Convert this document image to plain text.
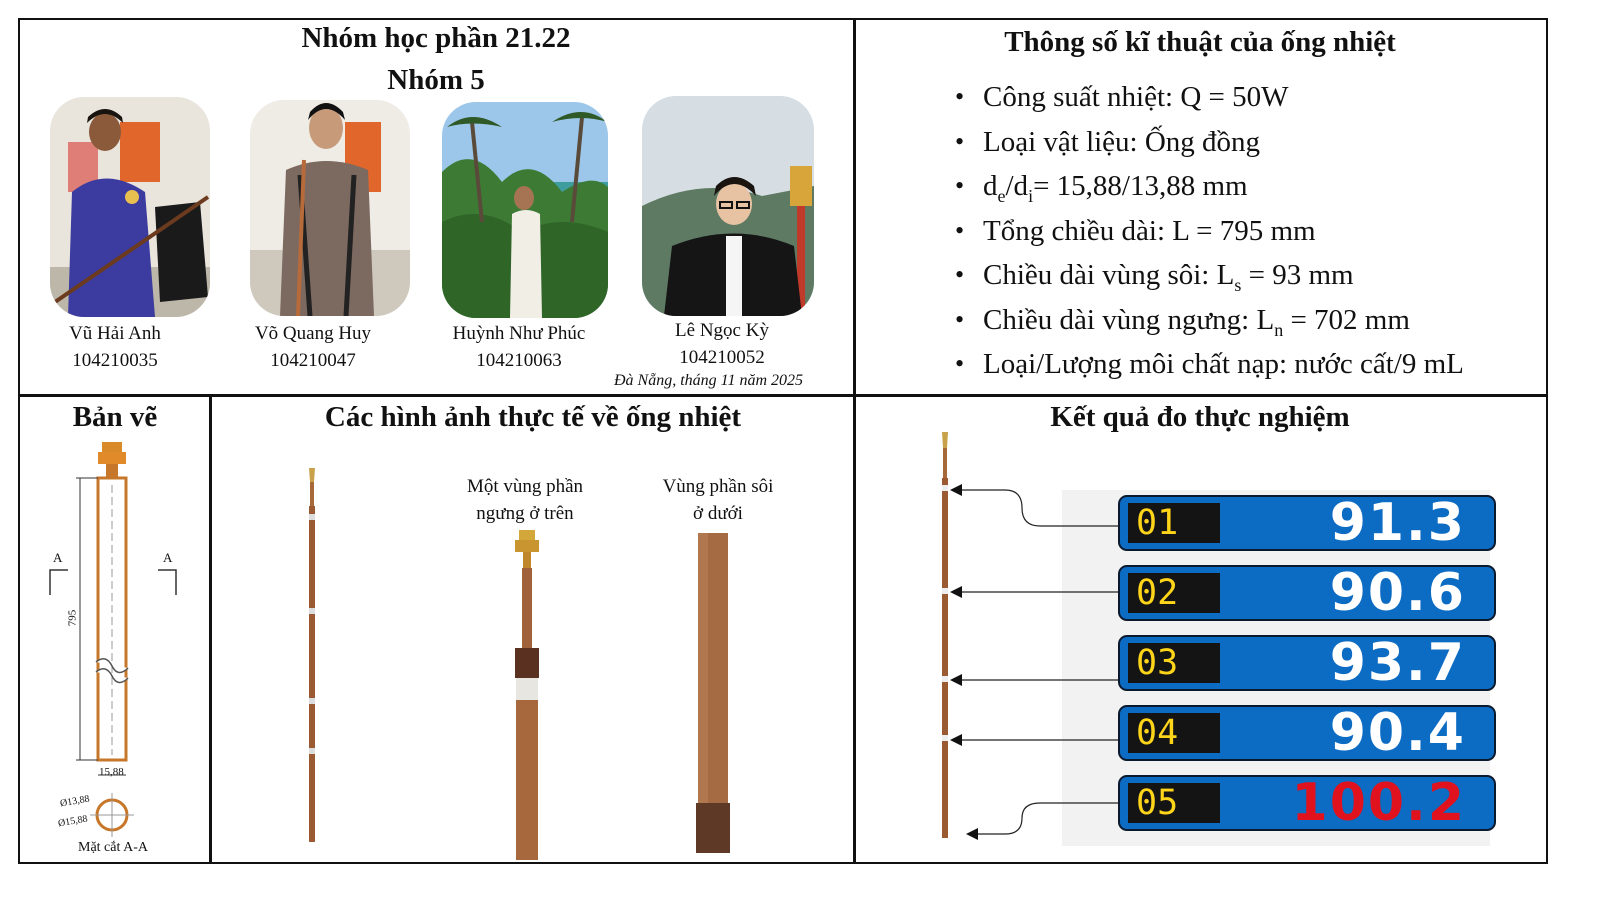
Nhóm học phần 21.22
Nhóm 5
Vũ Hải Anh
104210035
Võ Quang Huy
104210047
Huỳnh Như Phúc
104210063
Lê Ngọc Kỳ
104210052
Đà Nẵng, tháng 11 năm 2025
Thông số kĩ thuật của ống nhiệt
• Công suất nhiệt: Q = 50W
• Loại vật liệu: Ống đồng
• $d_e/d_i= 15,88/13,88$ mm
• Tổng chiều dài: L = 795 mm
• Chiều dài vùng sôi: $L_s = 93$ mm
• Chiều dài vùng ngưng: $L_n = 702$ mm
• Loại/Lượng môi chất nạp: nước cất/9 mL
Bản vẽ
A	A
795
15,88
Ø13,88
Ø15,88
Mặt cắt A-A
Các hình ảnh thực tế về ống nhiệt
Một vùng phần
ngưng ở trên
Vùng phần sôi
ở dưới
Kết quả đo thực nghiệm
01	91.3
02	90.6
03	93.7
04	90.4
05	100.2
